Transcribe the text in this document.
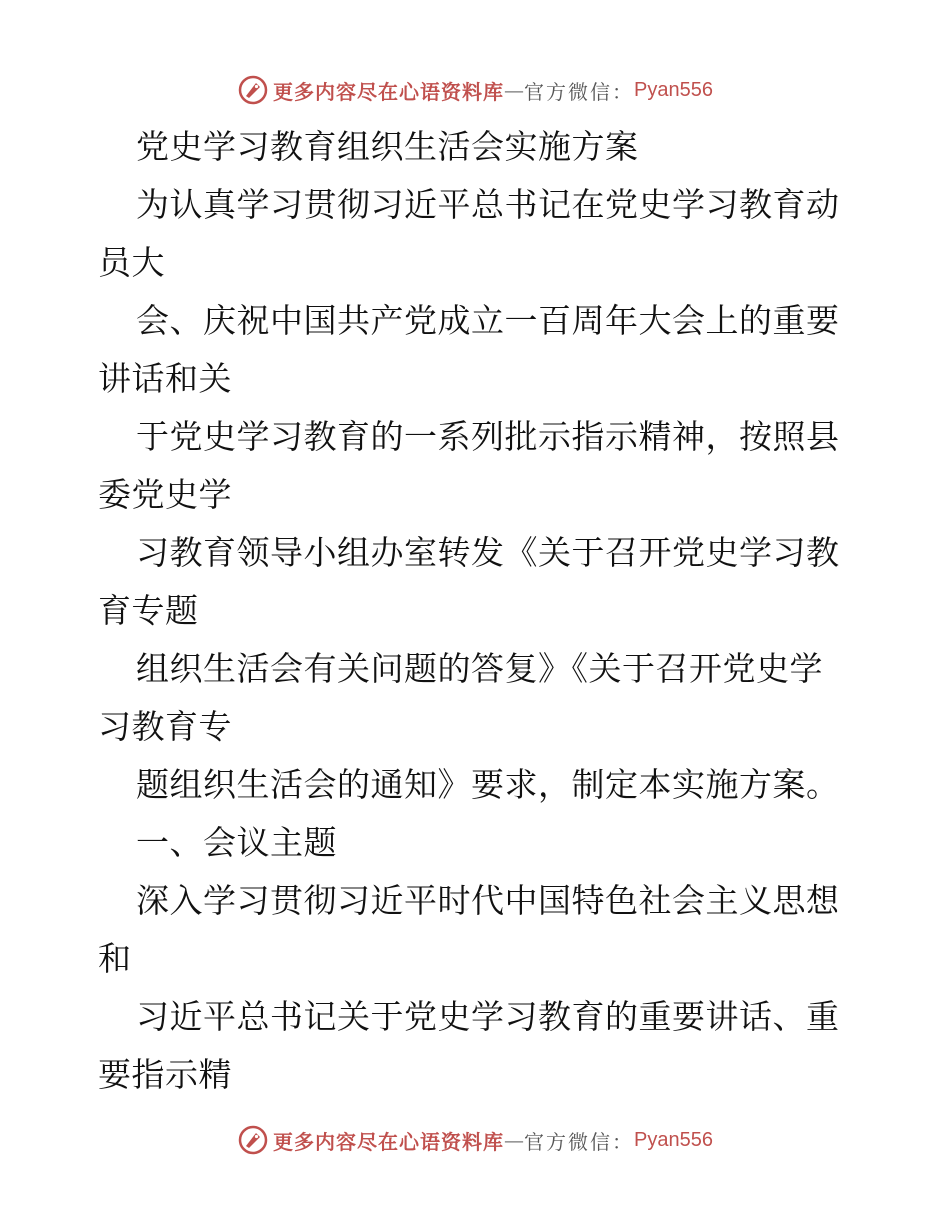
更多内容尽在心语资料库 — 官方微信： Pyan556
党史学习教育组织生活会实施方案
为认真学习贯彻习近平总书记在党史学习教育动
员大
会、庆祝中国共产党成立一百周年大会上的重要
讲话和关
于党史学习教育的一系列批示指示精神，按照县
委党史学
习教育领导小组办室转发《关于召开党史学习教
育专题
组织生活会有关问题的答复》《关于召开党史学
习教育专
题组织生活会的通知》要求，制定本实施方案。
一、会议主题
深入学习贯彻习近平时代中国特色社会主义思想
和
习近平总书记关于党史学习教育的重要讲话、重
要指示精
更多内容尽在心语资料库 — 官方微信： Pyan556
